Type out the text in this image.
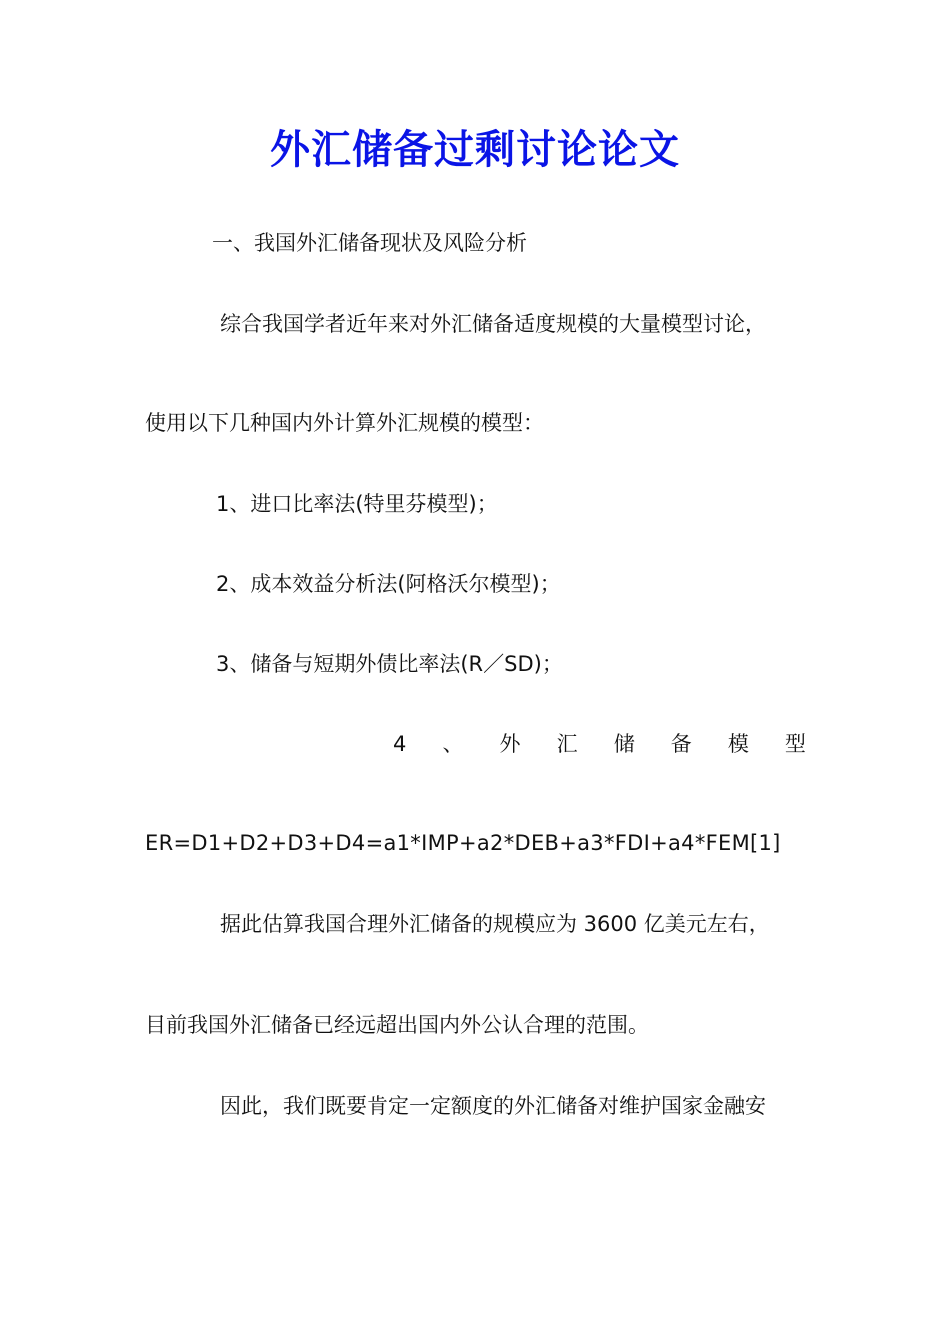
外汇储备过剩讨论论文
一、我国外汇储备现状及风险分析
综合我国学者近年来对外汇储备适度规模的大量模型讨论，
使用以下几种国内外计算外汇规模的模型：
1、进口比率法(特里芬模型)；
2、成本效益分析法(阿格沃尔模型)；
3、储备与短期外债比率法(R／SD)；
4 、 外 汇 储 备 模 型
ER=D1+D2+D3+D4=a1*IMP+a2*DEB+a3*FDI+a4*FEM[1]
据此估算我国合理外汇储备的规模应为 3600 亿美元左右，
目前我国外汇储备已经远超出国内外公认合理的范围。
因此，我们既要肯定一定额度的外汇储备对维护国家金融安
